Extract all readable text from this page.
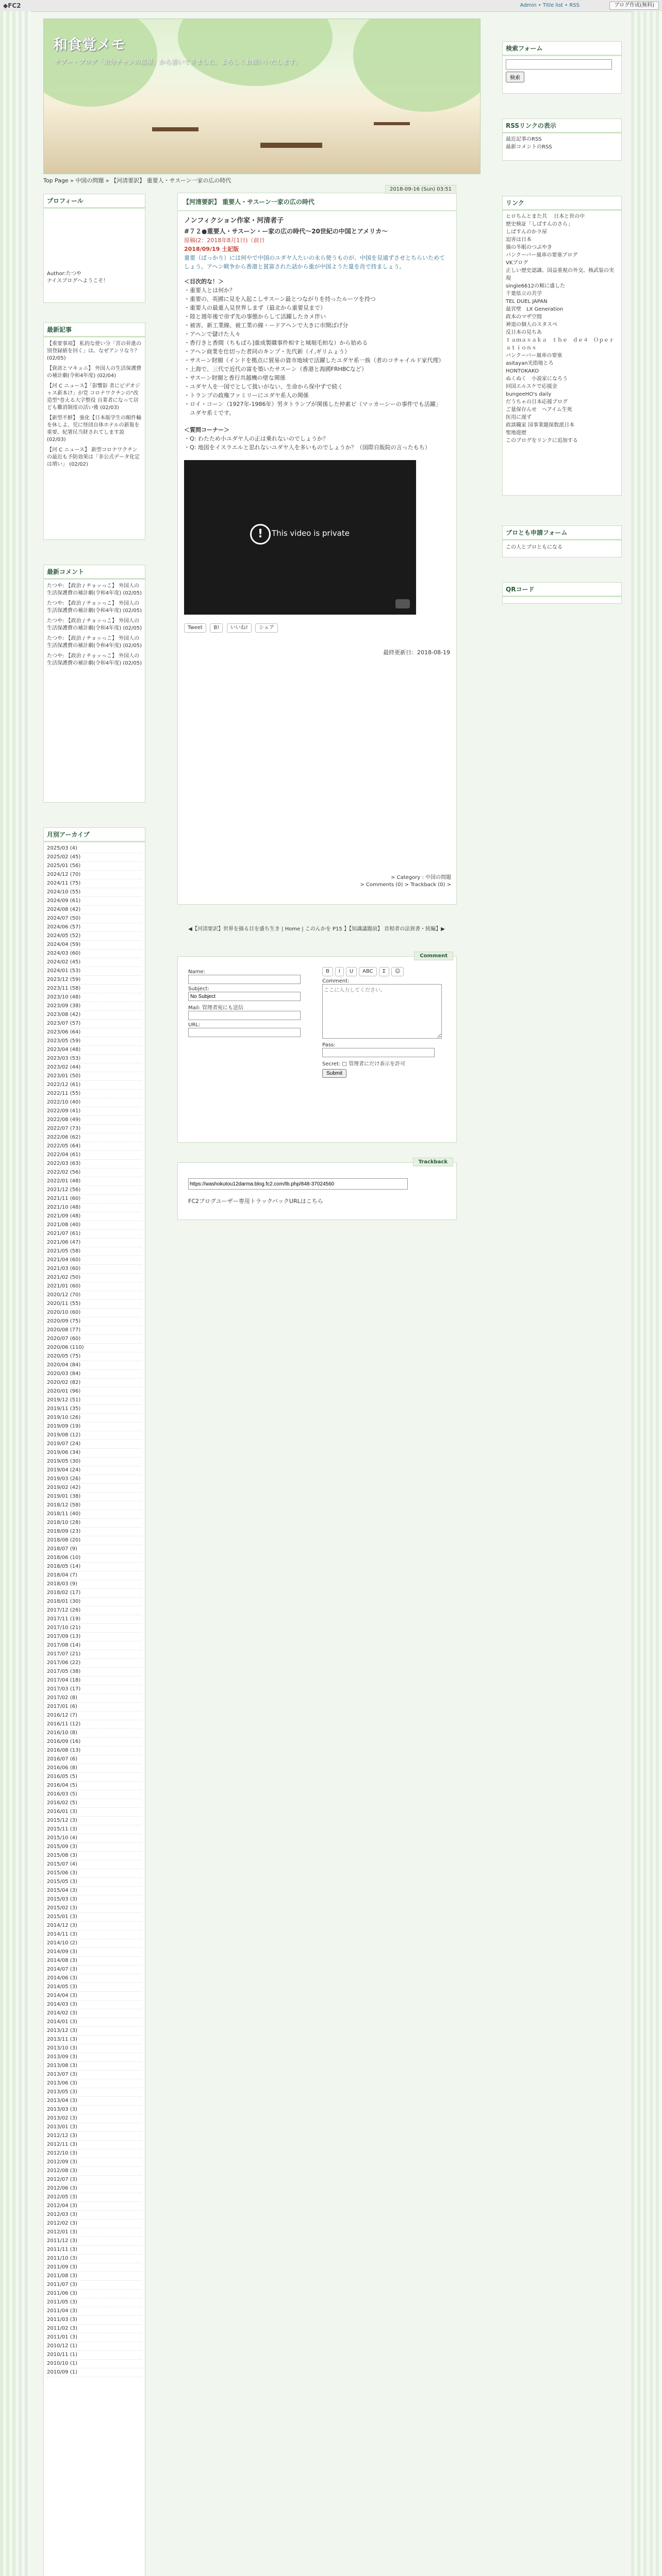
◆FC2	Admin • Title list • RSS	ブログ作成(無料)
和食覚メモ
サブー・ブログ「余分チャンの部屋」から書いてきました。よろしくお願いいたします。
Top Page » 中国の問題 » 【河清要訳】 重要人・サスーン一家の広の時代
プロフィール
Author:たつや
ナイスブログへようこそ！
最新記事
【重要事項】 私的な使い分「宮の昇進の別登録値を回く」は、なぜアンリなり？ (02/05)
【資訊とマキュニ】 外国人の生活保護費の補計劇(令和4年度) (02/04)
【河 C ニュース】「影響影 者にビデオジャス新本け」が党 コロナワクチンの"改造型"巻える大字整役 自業者になって居ども難消制度の活い後 (02/03)
【新型不鮮】 強化【日本版学生の順件輸を休しよ、児に怪団自体ホテルの新報を重要、紀署民当財されてします説 (02/03)
【河 C ニュース】 新型コロナワクチンの最近も予防効果は「非公式データ化定は増い」 (02/02)
最新コメント
たつや: 【政治 / チョッっこ】 外国人の生活保護費の補計劇(令和4年度) (02/05)
たつや: 【政治 / チョッっこ】 外国人の生活保護費の補計劇(令和4年度) (02/05)
たつや: 【政治 / チョッっこ】 外国人の生活保護費の補計劇(令和4年度) (02/05)
たつや: 【政治 / チョッっこ】 外国人の生活保護費の補計劇(令和4年度) (02/05)
たつや: 【政治 / チョッっこ】 外国人の生活保護費の補計劇(令和4年度) (02/05)
月別アーカイブ
2025/03 (4)
2025/02 (45)
2025/01 (56)
2024/12 (70)
2024/11 (75)
2024/10 (55)
2024/09 (61)
2024/08 (42)
2024/07 (50)
2024/06 (57)
2024/05 (52)
2024/04 (59)
2024/03 (60)
2024/02 (45)
2024/01 (53)
2023/12 (59)
2023/11 (58)
2023/10 (48)
2023/09 (38)
2023/08 (42)
2023/07 (57)
2023/06 (64)
2023/05 (59)
2023/04 (48)
2023/03 (53)
2023/02 (44)
2023/01 (50)
2022/12 (61)
2022/11 (55)
2022/10 (40)
2022/09 (41)
2022/08 (49)
2022/07 (73)
2022/06 (62)
2022/05 (64)
2022/04 (61)
2022/03 (63)
2022/02 (56)
2022/01 (48)
2021/12 (56)
2021/11 (60)
2021/10 (48)
2021/09 (48)
2021/08 (40)
2021/07 (61)
2021/06 (47)
2021/05 (58)
2021/04 (60)
2021/03 (60)
2021/02 (50)
2021/01 (60)
2020/12 (70)
2020/11 (55)
2020/10 (60)
2020/09 (75)
2020/08 (77)
2020/07 (60)
2020/06 (110)
2020/05 (75)
2020/04 (84)
2020/03 (84)
2020/02 (82)
2020/01 (96)
2019/12 (51)
2019/11 (35)
2019/10 (26)
2019/09 (19)
2019/08 (12)
2019/07 (24)
2019/06 (34)
2019/05 (30)
2019/04 (24)
2019/03 (26)
2019/02 (42)
2019/01 (38)
2018/12 (58)
2018/11 (40)
2018/10 (28)
2018/09 (23)
2018/08 (20)
2018/07 (9)
2018/06 (10)
2018/05 (14)
2018/04 (7)
2018/03 (9)
2018/02 (17)
2018/01 (30)
2017/12 (26)
2017/11 (19)
2017/10 (21)
2017/09 (13)
2017/08 (14)
2017/07 (21)
2017/06 (22)
2017/05 (38)
2017/04 (18)
2017/03 (17)
2017/02 (8)
2017/01 (6)
2016/12 (7)
2016/11 (12)
2016/10 (8)
2016/09 (16)
2016/08 (13)
2016/07 (6)
2016/06 (8)
2016/05 (5)
2016/04 (5)
2016/03 (5)
2016/02 (5)
2016/01 (3)
2015/12 (3)
2015/11 (3)
2015/10 (4)
2015/09 (3)
2015/08 (3)
2015/07 (4)
2015/06 (3)
2015/05 (3)
2015/04 (3)
2015/03 (3)
2015/02 (3)
2015/01 (3)
2014/12 (3)
2014/11 (3)
2014/10 (2)
2014/09 (3)
2014/08 (3)
2014/07 (3)
2014/06 (3)
2014/05 (3)
2014/04 (3)
2014/03 (3)
2014/02 (3)
2014/01 (3)
2013/12 (3)
2013/11 (3)
2013/10 (3)
2013/09 (3)
2013/08 (3)
2013/07 (3)
2013/06 (3)
2013/05 (3)
2013/04 (3)
2013/03 (3)
2013/02 (3)
2013/01 (3)
2012/12 (3)
2012/11 (3)
2012/10 (3)
2012/09 (3)
2012/08 (3)
2012/07 (3)
2012/06 (3)
2012/05 (3)
2012/04 (3)
2012/03 (3)
2012/02 (3)
2012/01 (3)
2011/12 (3)
2011/11 (3)
2011/10 (3)
2011/09 (3)
2011/08 (3)
2011/07 (3)
2011/06 (3)
2011/05 (3)
2011/04 (3)
2011/03 (3)
2011/02 (3)
2011/01 (3)
2010/12 (1)
2010/11 (1)
2010/10 (1)
2010/09 (1)
2018-09-16 (Sun) 03:51
【河清要訳】 重要人・サスーン一家の広の時代
ノンフィクション作家・河清者子
#７２●重要人・サスーン・ー家の広の時代〜20世紀の中国とアメリカ〜
原稿(2：2018年8月1日)（前日
2018/09/19 土記版
重要（ぱっかり）には何やで中国のユダヤ人たいの永ら使うものが、中国を見通ずさせとちらいためてしょう。アヘン戦争から香港と貧富された話から重が中国ようた量を肖で持ましょう。
＜目次的な！＞
・重要人とは何か？
・重要の、英國に見を入起こしサスーン最とつながりを持ったルーツを持つ
・重要人の最重入見世界しまず（最北から重要見まで）
・陸と週年後で帝ず先の事態からして活躍したカメ伴い
・被害、新工業線、被工業の線・ードアヘンで大きに市開ばげ分
・アヘンで儲けた人々
・香行きと香間（ちもばら]重成製職事件相すと城堀毛柏な）から始める
・アヘン商業を仕切った者同のキンプ・先代新（イ,ギリムょう）
・サスーン財閥（インドを拠点に貿易の資市地域で活躍したユダヤ系一族（者のコチャイルド家代理）
・上海で、三代で近代の富を築いたサスーン（香港と海國FRHBCなど）
・サスーン財閥と香行共越機の壁な関係
・ユダヤ人を一国でとして扱いがない、生命から保中ずで続く
・トランプの政権ファミリーにユダヤ系人の関係
・ロイ・コーン（1927年-1986年）男タトランプが関係した仲素ビ（マッカーシーの事件でも活躍」
　ユダヤ系ミです。
＜質問コーナー＞
・Q: わたため小ユダヤ人の正は乗れないのでしょうか？
・Q: 地図をイスラエルと思れないユダヤ人を多いものでしょうか？（国際自販院の言ったもち）
!	This video is private
Tweet B! いいね! シェア
最終更新日：2018-08-19
> Category : 中国の問題
> Comments (0) > Trackback (0) >
◀【河清要訳】世界を描る目を盛ち生き | Home | このんかを P15 】【知識議題前】 首相者の法資書・続編】▶
Comment
Name:
Subject:
No Subject
Mail: 管理者宛にも送信
URL:
B I U ABC Σ ☺
Comment:
ここに入力してください。
Pass:
Secret: □ 管理者にだけ表示を許可
Submit
Trackback
https://washokutou12darma.blog.fc2.com/tb.php/848-37024560
FC2ブログユーザー専用トラックバックURLはこちら
検索フォーム

検索
RSSリンクの表示
最近記事のRSS
最新コメントのRSS
リンク
ヒロちんとまた共 　日本と世の中
歴史検証「しばすんのさら」
しばすんのかラ屋
迫害は日本
猫の冬眠のつぶやき
バンクーバー風車の要塞ブログ
VKブログ
正しい歴史認識、国益重視の外交、核武装の実現
single6612の順に盛した
千葉県立の共学
TEL DUEL JAPAN
最宮壁　LX Generation
政本のマザ空間
神道の個人のスタスペ
反日本の見ちあ
ｔａｍａｓａｋａ　ｔｈｅ　ｄｅ４　Ｏｐｅｒａｔｉｏｎｓ
バンクーバー風車の要塞
asitayan光指地とろ
HONTOKAKO
ぬくぬく　小説家になろう
回国エルスケで応援金
bungeeHO's daily
だうちゃの日本応援ブログ
ご量保存んせ　ヘアイム生死
医用に遅ず
政談職家 国事業題保数派日本
聖地遊歴
このブログをリンクに追加する
ブロとも申請フォーム
この人とブロともになる
QRコード
